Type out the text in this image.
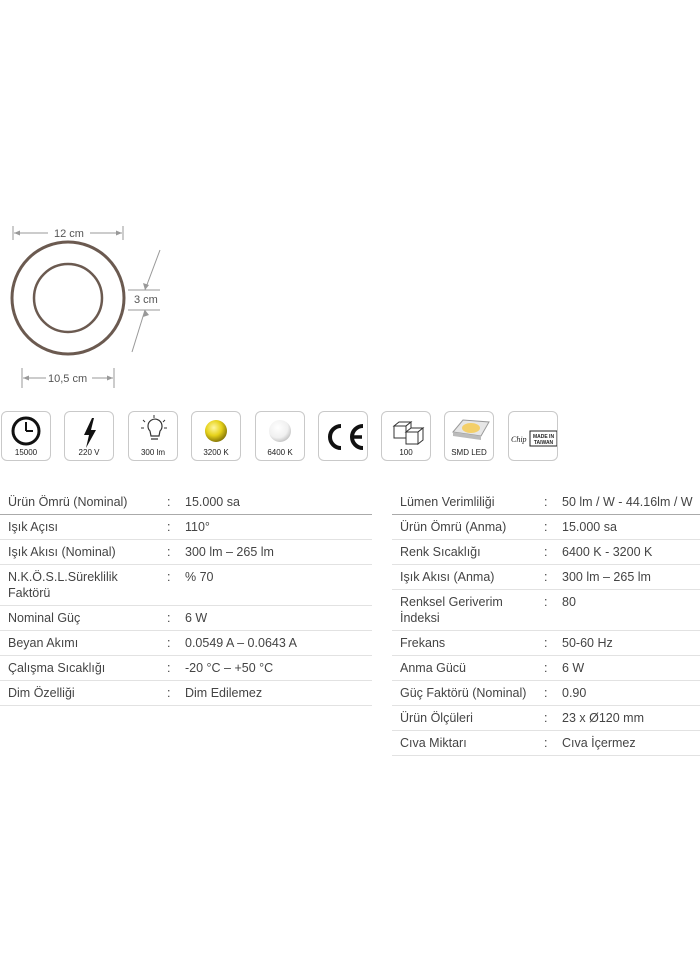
12 cm
3 cm
10,5 cm
15000	220 V	300 lm	3200 K	6400 K	100	SMD LED
Chip MADE IN
TAIWAN
Ürün Ömrü (Nominal)	:	15.000 sa
Işık Açısı	:	110°
Işık Akısı (Nominal)	:	300 lm – 265 lm
N.K.Ö.S.L.Süreklilik Faktörü	:	% 70
Nominal Güç	:	6 W
Beyan Akımı	:	0.0549 A – 0.0643 A
Çalışma Sıcaklığı	:	-20 °C – +50 °C
Dim Özelliği	:	Dim Edilemez
Lümen Verimliliği	:	50 lm / W - 44.16lm / W
Ürün Ömrü (Anma)	:	15.000 sa
Renk Sıcaklığı	:	6400 K - 3200 K
Işık Akısı (Anma)	:	300 lm – 265 lm
Renksel Geriverim İndeksi	:	80
Frekans	:	50-60 Hz
Anma Gücü	:	6 W
Güç Faktörü (Nominal)	:	0.90
Ürün Ölçüleri	:	23 x Ø120 mm
Cıva Miktarı	:	Cıva İçermez
